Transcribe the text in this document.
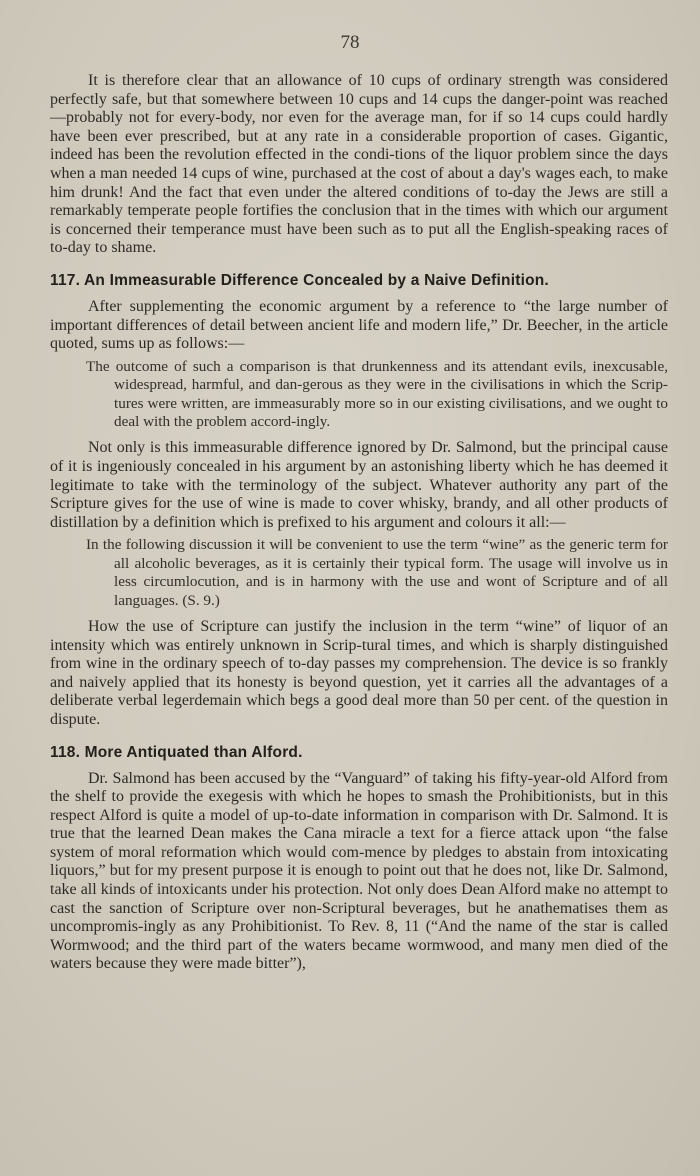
78

It is therefore clear that an allowance of 10 cups of ordinary strength was considered perfectly safe, but that somewhere between 10 cups and 14 cups the danger-point was reached—probably not for every-body, nor even for the average man, for if so 14 cups could hardly have been ever prescribed, but at any rate in a considerable proportion of cases. Gigantic, indeed has been the revolution effected in the condi-tions of the liquor problem since the days when a man needed 14 cups of wine, purchased at the cost of about a day's wages each, to make him drunk! And the fact that even under the altered conditions of to-day the Jews are still a remarkably temperate people fortifies the conclusion that in the times with which our argument is concerned their temperance must have been such as to put all the English-speaking races of to-day to shame.

117. An Immeasurable Difference Concealed by a Naive Definition.

After supplementing the economic argument by a reference to “the large number of important differences of detail between ancient life and modern life,” Dr. Beecher, in the article quoted, sums up as follows:—

The outcome of such a comparison is that drunkenness and its attendant evils, inexcusable, widespread, harmful, and dan-gerous as they were in the civilisations in which the Scrip-tures were written, are immeasurably more so in our existing civilisations, and we ought to deal with the problem accord-ingly.

Not only is this immeasurable difference ignored by Dr. Salmond, but the principal cause of it is ingeniously concealed in his argument by an astonishing liberty which he has deemed it legitimate to take with the terminology of the subject. Whatever authority any part of the Scripture gives for the use of wine is made to cover whisky, brandy, and all other products of distillation by a definition which is prefixed to his argument and colours it all:—

In the following discussion it will be convenient to use the term “wine” as the generic term for all alcoholic beverages, as it is certainly their typical form. The usage will involve us in less circumlocution, and is in harmony with the use and wont of Scripture and of all languages. (S. 9.)

How the use of Scripture can justify the inclusion in the term “wine” of liquor of an intensity which was entirely unknown in Scrip-tural times, and which is sharply distinguished from wine in the ordinary speech of to-day passes my comprehension. The device is so frankly and naively applied that its honesty is beyond question, yet it carries all the advantages of a deliberate verbal legerdemain which begs a good deal more than 50 per cent. of the question in dispute.

118. More Antiquated than Alford.

Dr. Salmond has been accused by the “Vanguard” of taking his fifty-year-old Alford from the shelf to provide the exegesis with which he hopes to smash the Prohibitionists, but in this respect Alford is quite a model of up-to-date information in comparison with Dr. Salmond. It is true that the learned Dean makes the Cana miracle a text for a fierce attack upon “the false system of moral reformation which would com-mence by pledges to abstain from intoxicating liquors,” but for my present purpose it is enough to point out that he does not, like Dr. Salmond, take all kinds of intoxicants under his protection. Not only does Dean Alford make no attempt to cast the sanction of Scripture over non-Scriptural beverages, but he anathematises them as uncompromis-ingly as any Prohibitionist. To Rev. 8, 11 (“And the name of the star is called Wormwood; and the third part of the waters became wormwood, and many men died of the waters because they were made bitter”),
